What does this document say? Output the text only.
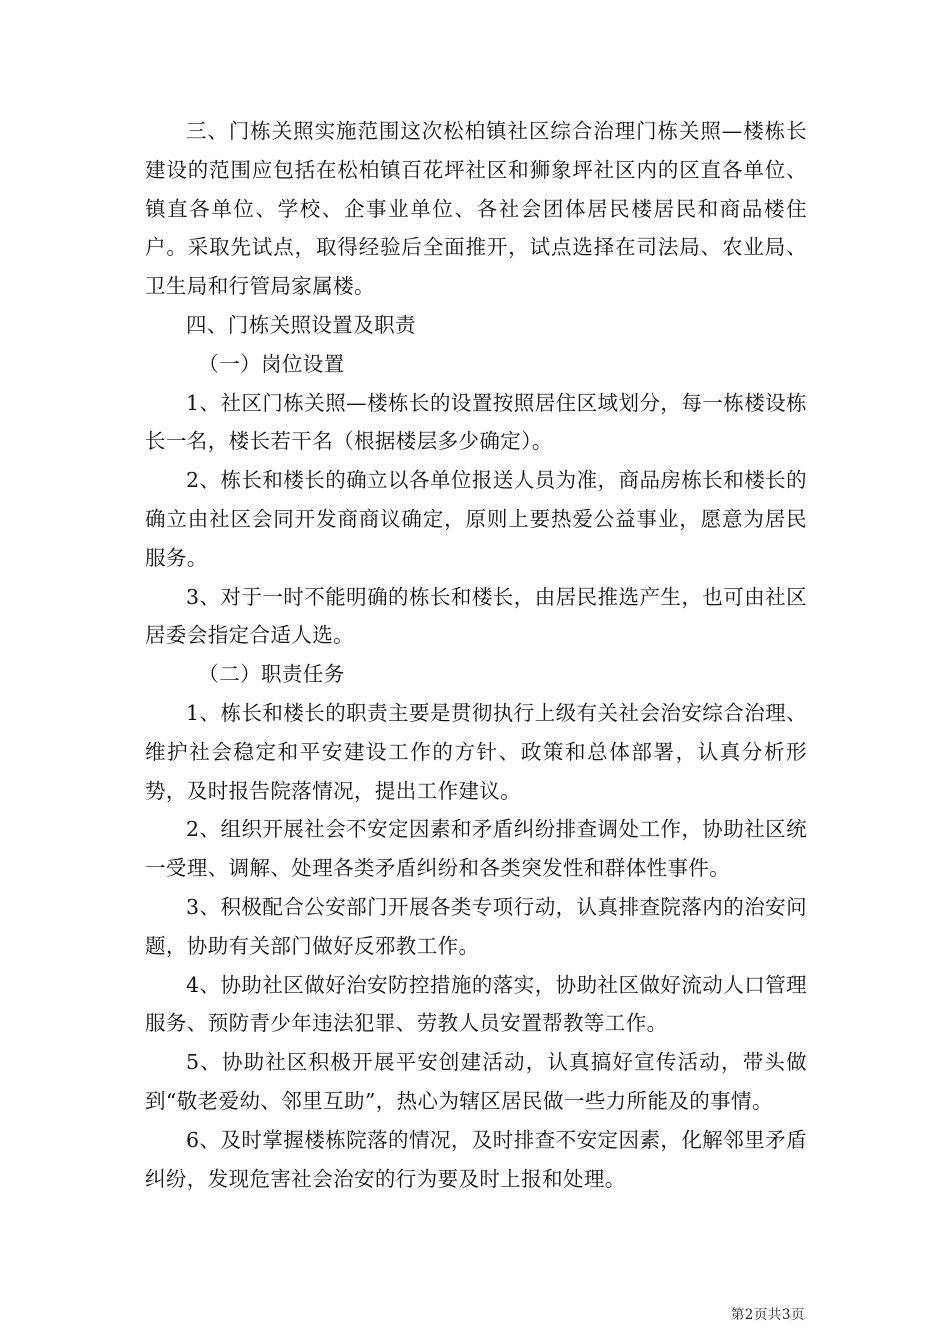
三、门栋关照实施范围这次松柏镇社区综合治理门栋关照—楼栋长建设的范围应包括在松柏镇百花坪社区和狮象坪社区内的区直各单位、镇直各单位、学校、企事业单位、各社会团体居民楼居民和商品楼住户。采取先试点，取得经验后全面推开，试点选择在司法局、农业局、卫生局和行管局家属楼。

四、门栋关照设置及职责

（一）岗位设置

1、社区门栋关照—楼栋长的设置按照居住区域划分，每一栋楼设栋长一名，楼长若干名（根据楼层多少确定）。

2、栋长和楼长的确立以各单位报送人员为准，商品房栋长和楼长的确立由社区会同开发商商议确定，原则上要热爱公益事业，愿意为居民服务。

3、对于一时不能明确的栋长和楼长，由居民推选产生，也可由社区居委会指定合适人选。

（二）职责任务

1、栋长和楼长的职责主要是贯彻执行上级有关社会治安综合治理、维护社会稳定和平安建设工作的方针、政策和总体部署，认真分析形势，及时报告院落情况，提出工作建议。

2、组织开展社会不安定因素和矛盾纠纷排查调处工作，协助社区统一受理、调解、处理各类矛盾纠纷和各类突发性和群体性事件。

3、积极配合公安部门开展各类专项行动，认真排查院落内的治安问题，协助有关部门做好反邪教工作。

4、协助社区做好治安防控措施的落实，协助社区做好流动人口管理服务、预防青少年违法犯罪、劳教人员安置帮教等工作。

5、协助社区积极开展平安创建活动，认真搞好宣传活动，带头做到“敬老爱幼、邻里互助”，热心为辖区居民做一些力所能及的事情。

6、及时掌握楼栋院落的情况，及时排查不安定因素，化解邻里矛盾纠纷，发现危害社会治安的行为要及时上报和处理。

第2页共3页
